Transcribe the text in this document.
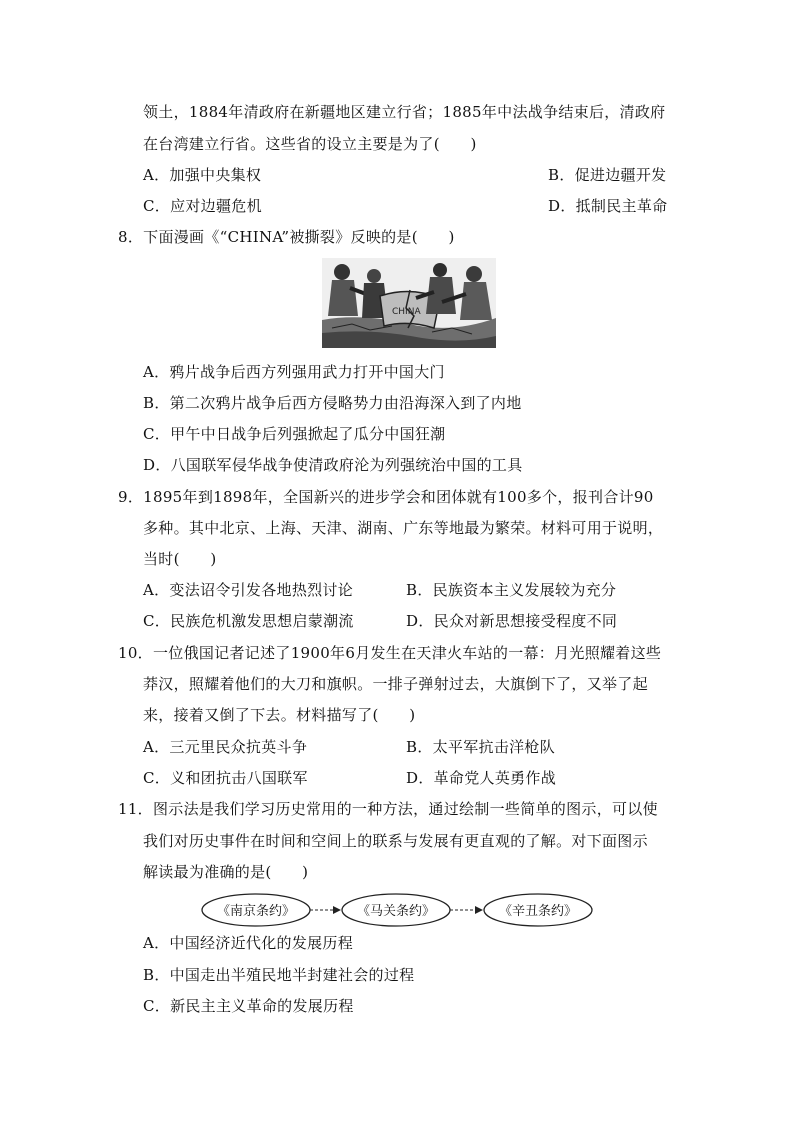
领土，1884年清政府在新疆地区建立行省；1885年中法战争结束后，清政府
在台湾建立行省。这些省的设立主要是为了(　　)
A．加强中央集权	B．促进边疆开发
C．应对边疆危机	D．抵制民主革命
8．下面漫画《“CHINA”被撕裂》反映的是(　　)
CHINA
A．鸦片战争后西方列强用武力打开中国大门
B．第二次鸦片战争后西方侵略势力由沿海深入到了内地
C．甲午中日战争后列强掀起了瓜分中国狂潮
D．八国联军侵华战争使清政府沦为列强统治中国的工具
9．1895年到1898年，全国新兴的进步学会和团体就有100多个，报刊合计90
多种。其中北京、上海、天津、湖南、广东等地最为繁荣。材料可用于说明，
当时(　　)
A．变法诏令引发各地热烈讨论	B．民族资本主义发展较为充分
C．民族危机激发思想启蒙潮流	D．民众对新思想接受程度不同
10．一位俄国记者记述了1900年6月发生在天津火车站的一幕：月光照耀着这些
莽汉，照耀着他们的大刀和旗帜。一排子弹射过去，大旗倒下了，又举了起
来，接着又倒了下去。材料描写了(　　)
A．三元里民众抗英斗争	B．太平军抗击洋枪队
C．义和团抗击八国联军	D．革命党人英勇作战
11．图示法是我们学习历史常用的一种方法，通过绘制一些简单的图示，可以使
我们对历史事件在时间和空间上的联系与发展有更直观的了解。对下面图示
解读最为准确的是(　　)
《南京条约》	《马关条约》	《辛丑条约》
A．中国经济近代化的发展历程
B．中国走出半殖民地半封建社会的过程
C．新民主主义革命的发展历程
